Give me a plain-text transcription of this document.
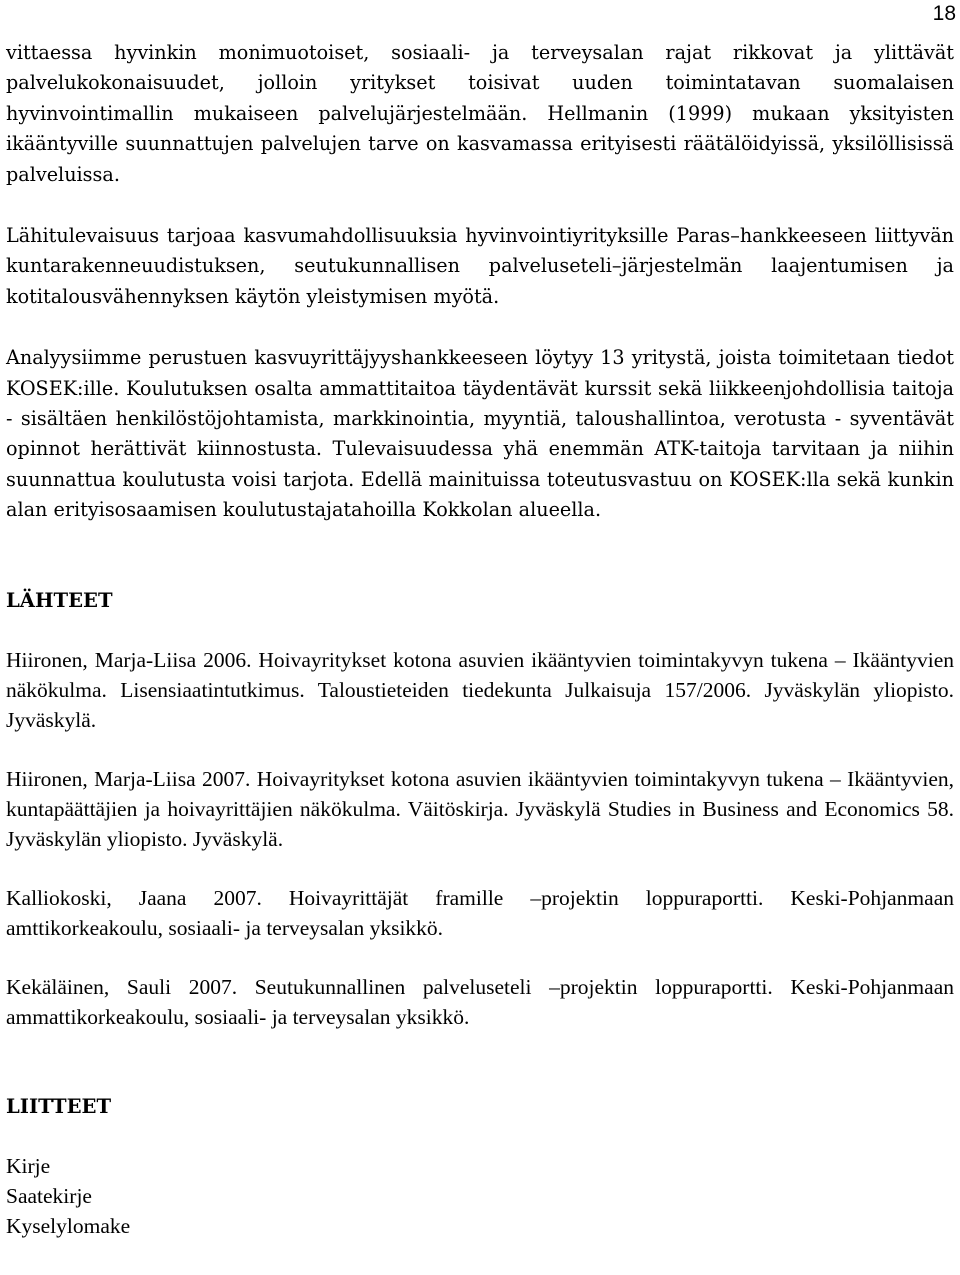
18

vittaessa hyvinkin monimuotoiset, sosiaali- ja terveysalan rajat rikkovat ja ylittävät palvelukokonaisuudet, jolloin yritykset toisivat uuden toimintatavan suomalaisen hyvinvointimallin mukaiseen palvelujärjestelmään. Hellmanin (1999) mukaan yksityisten ikääntyville suunnattujen palvelujen tarve on kasvamassa erityisesti räätälöidyissä, yksilöllisissä palveluissa.

Lähitulevaisuus tarjoaa kasvumahdollisuuksia hyvinvointiyrityksille Paras–hankkeeseen liittyvän kuntarakenneuudistuksen, seutukunnallisen palveluseteli–järjestelmän laajentumisen ja kotitalousvähennyksen käytön yleistymisen myötä.

Analyysiimme perustuen kasvuyrittäjyyshankkeeseen löytyy 13 yritystä, joista toimitetaan tiedot KOSEK:ille. Koulutuksen osalta ammattitaitoa täydentävät kurssit sekä liikkeenjohdollisia taitoja - sisältäen henkilöstöjohtamista, markkinointia, myyntiä, taloushallintoa, verotusta - syventävät opinnot herättivät kiinnostusta. Tulevaisuudessa yhä enemmän ATK-taitoja tarvitaan ja niihin suunnattua koulutusta voisi tarjota. Edellä mainituissa toteutusvastuu on KOSEK:lla sekä kunkin alan erityisosaamisen koulutustajatahoilla Kokkolan alueella.

LÄHTEET

Hiironen, Marja-Liisa 2006. Hoivayritykset kotona asuvien ikääntyvien toimintakyvyn tukena – Ikääntyvien näkökulma. Lisensiaatintutkimus. Taloustieteiden tiedekunta Julkaisuja 157/2006. Jyväskylän yliopisto. Jyväskylä.

Hiironen, Marja-Liisa 2007. Hoivayritykset kotona asuvien ikääntyvien toimintakyvyn tukena – Ikääntyvien, kuntapäättäjien ja hoivayrittäjien näkökulma. Väitöskirja. Jyväskylä Studies in Business and Economics 58. Jyväskylän yliopisto. Jyväskylä.

Kalliokoski, Jaana 2007. Hoivayrittäjät framille –projektin loppuraportti. Keski-Pohjanmaan amttikorkeakoulu, sosiaali- ja terveysalan yksikkö.

Kekäläinen, Sauli 2007. Seutukunnallinen palveluseteli –projektin loppuraportti. Keski-Pohjanmaan ammattikorkeakoulu, sosiaali- ja terveysalan yksikkö.

LIITTEET
Kirje
Saatekirje
Kyselylomake
